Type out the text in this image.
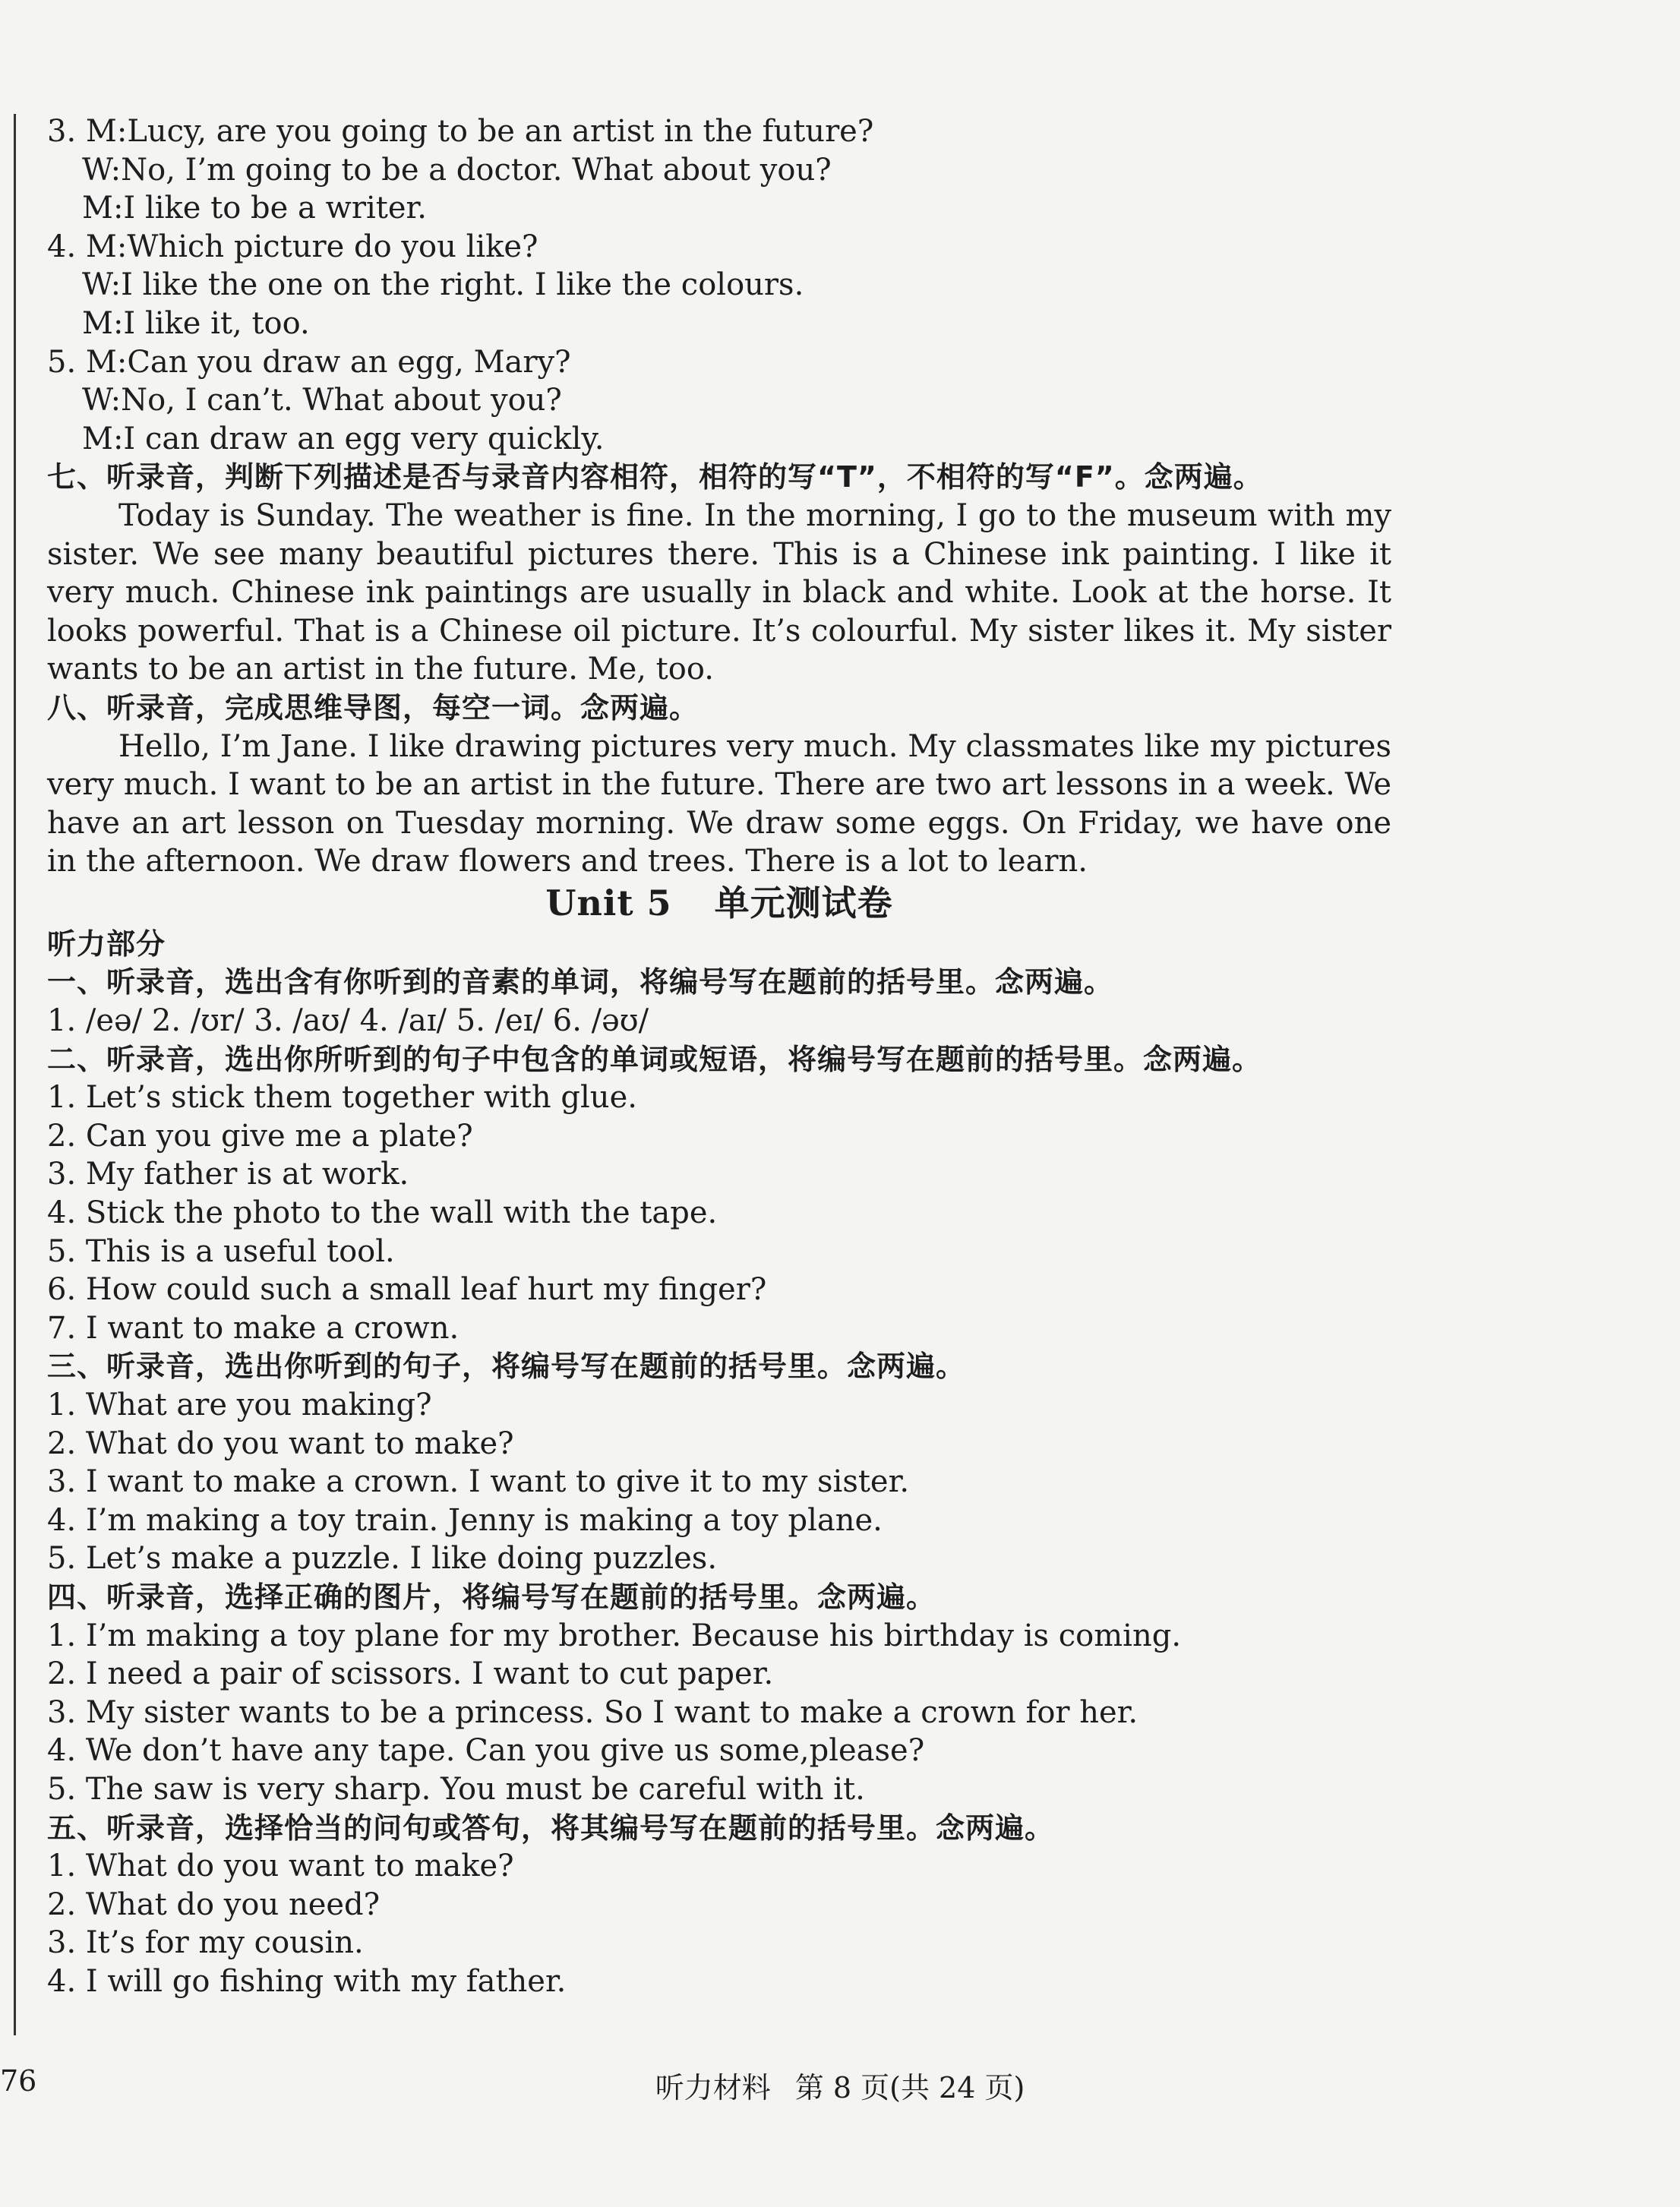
3. M:Lucy, are you going to be an artist in the future?
W:No, I’m going to be a doctor. What about you?
M:I like to be a writer.
4. M:Which picture do you like?
W:I like the one on the right. I like the colours.
M:I like it, too.
5. M:Can you draw an egg, Mary?
W:No, I can’t. What about you?
M:I can draw an egg very quickly.
七、听录音，判断下列描述是否与录音内容相符，相符的写“T”，不相符的写“F”。念两遍。
Today is Sunday. The weather is fine. In the morning, I go to the museum with my sister. We see many beautiful pictures there. This is a Chinese ink painting. I like it very much. Chinese ink paintings are usually in black and white. Look at the horse. It looks powerful. That is a Chinese oil picture. It’s colourful. My sister likes it. My sister wants to be an artist in the future. Me, too.
八、听录音，完成思维导图，每空一词。念两遍。
Hello, I’m Jane. I like drawing pictures very much. My classmates like my pictures very much. I want to be an artist in the future. There are two art lessons in a week. We have an art lesson on Tuesday morning. We draw some eggs. On Friday, we have one in the afternoon. We draw flowers and trees. There is a lot to learn.
Unit 5 单元测试卷
听力部分
一、听录音，选出含有你听到的音素的单词，将编号写在题前的括号里。念两遍。
1. /eə/ 2. /ʊr/ 3. /aʊ/ 4. /aɪ/ 5. /eɪ/ 6. /əʊ/
二、听录音，选出你所听到的句子中包含的单词或短语，将编号写在题前的括号里。念两遍。
1. Let’s stick them together with glue.
2. Can you give me a plate?
3. My father is at work.
4. Stick the photo to the wall with the tape.
5. This is a useful tool.
6. How could such a small leaf hurt my finger?
7. I want to make a crown.
三、听录音，选出你听到的句子，将编号写在题前的括号里。念两遍。
1. What are you making?
2. What do you want to make?
3. I want to make a crown. I want to give it to my sister.
4. I’m making a toy train. Jenny is making a toy plane.
5. Let’s make a puzzle. I like doing puzzles.
四、听录音，选择正确的图片，将编号写在题前的括号里。念两遍。
1. I’m making a toy plane for my brother. Because his birthday is coming.
2. I need a pair of scissors. I want to cut paper.
3. My sister wants to be a princess. So I want to make a crown for her.
4. We don’t have any tape. Can you give us some,please?
5. The saw is very sharp. You must be careful with it.
五、听录音，选择恰当的问句或答句，将其编号写在题前的括号里。念两遍。
1. What do you want to make?
2. What do you need?
3. It’s for my cousin.
4. I will go fishing with my father.
76	听力材料 第 8 页(共 24 页)
